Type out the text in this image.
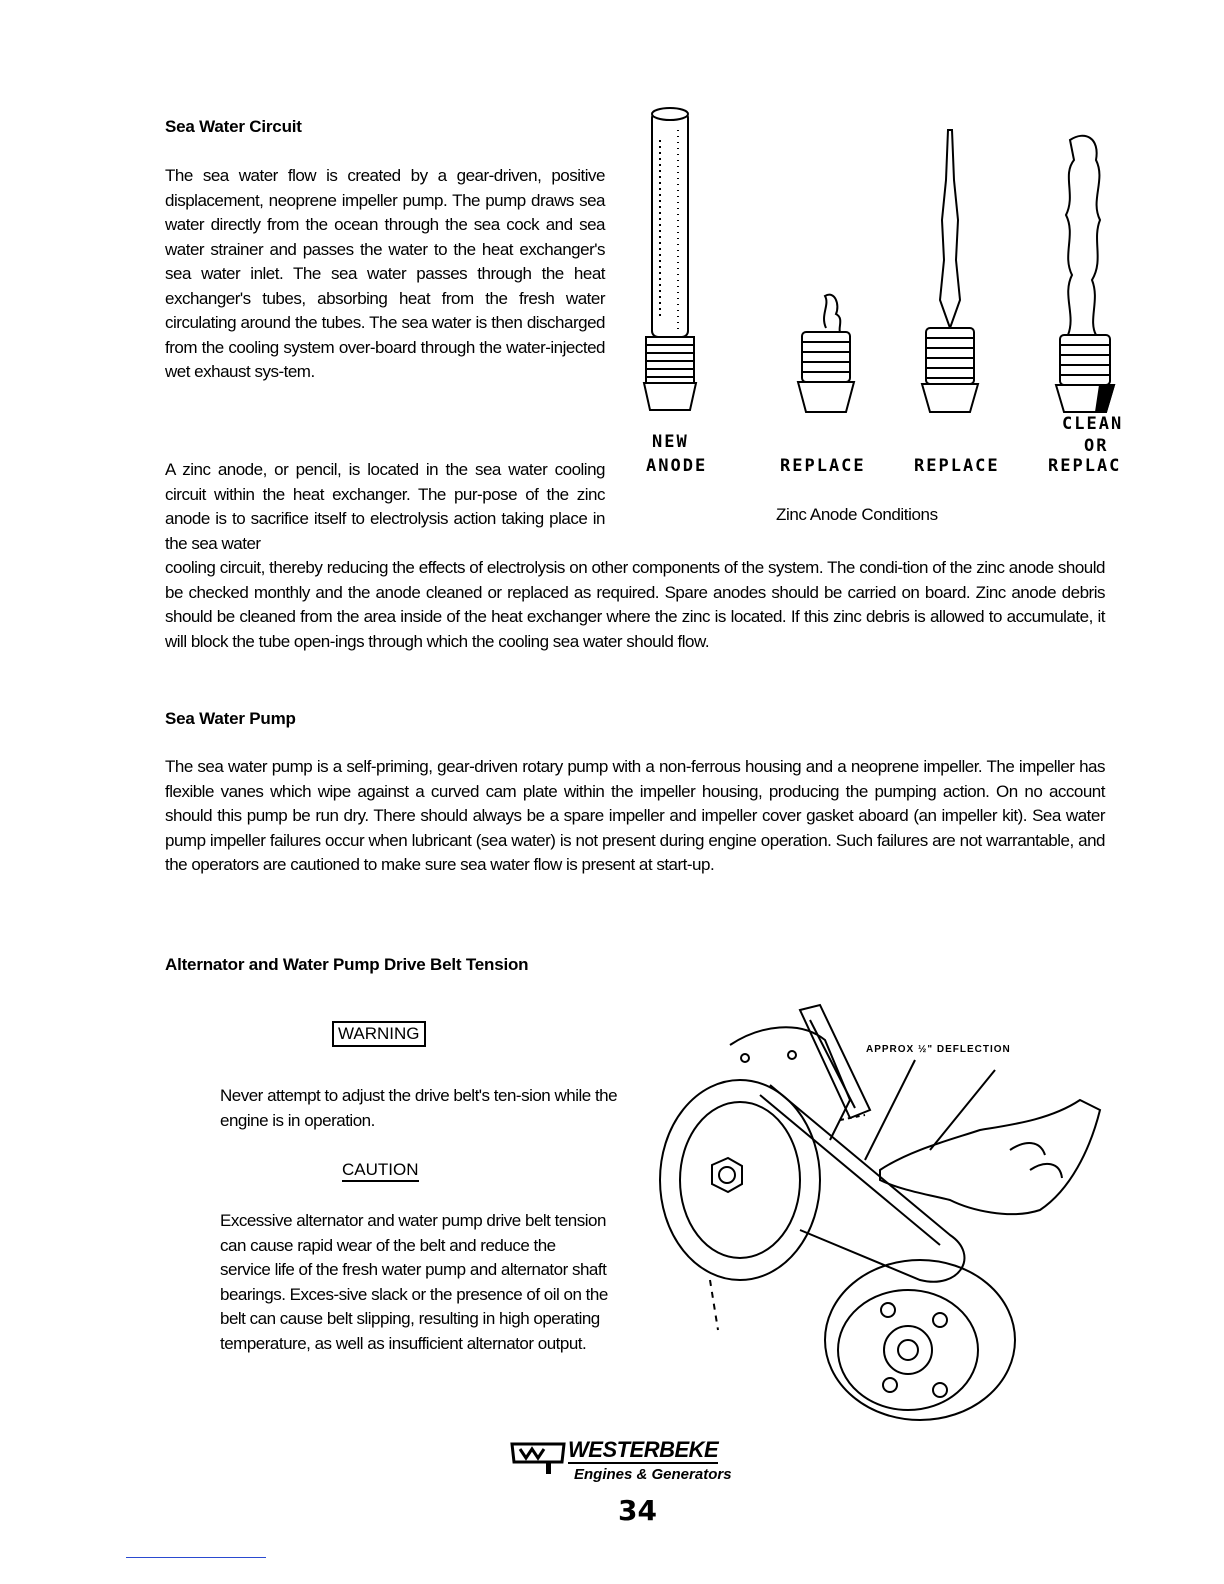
Sea Water Circuit

The sea water flow is created by a gear-driven, positive displacement, neoprene impeller pump. The pump draws sea water directly from the ocean through the sea cock and sea water strainer and passes the water to the heat exchanger's sea water inlet. The sea water passes through the heat exchanger's tubes, absorbing heat from the fresh water circulating around the tubes. The sea water is then discharged from the cooling system over-board through the water-injected wet exhaust sys-tem.

A zinc anode, or pencil, is located in the sea water cooling circuit within the heat exchanger. The pur-pose of the zinc anode is to sacrifice itself to electrolysis action taking place in the sea water

cooling circuit, thereby reducing the effects of electrolysis on other components of the system. The condi-tion of the zinc anode should be checked monthly and the anode cleaned or replaced as required. Spare anodes should be carried on board. Zinc anode debris should be cleaned from the area inside of the heat exchanger where the zinc is located. If this zinc debris is allowed to accumulate, it will block the tube open-ings through which the cooling sea water should flow.

NEW
ANODE	REPLACE	REPLACE
CLEAN
OR
REPLAC
Zinc Anode Conditions
Sea Water Pump

The sea water pump is a self-priming, gear-driven rotary pump with a non-ferrous housing and a neoprene impeller. The impeller has flexible vanes which wipe against a curved cam plate within the impeller housing, producing the pumping action. On no account should this pump be run dry. There should always be a spare impeller and impeller cover gasket aboard (an impeller kit). Sea water pump impeller failures occur when lubricant (sea water) is not present during engine operation. Such failures are not warrantable, and the operators are cautioned to make sure sea water flow is present at start-up.

Alternator and Water Pump Drive Belt Tension
WARNING

Never attempt to adjust the drive belt's ten-sion while the engine is in operation.

CAUTION

Excessive alternator and water pump drive belt tension can cause rapid wear of the belt and reduce the service life of the fresh water pump and alternator shaft bearings. Exces-sive slack or the presence of oil on the belt can cause belt slipping, resulting in high operating temperature, as well as insufficient alternator output.

APPROX ½" DEFLECTION
WESTERBEKE
Engines & Generators
34
